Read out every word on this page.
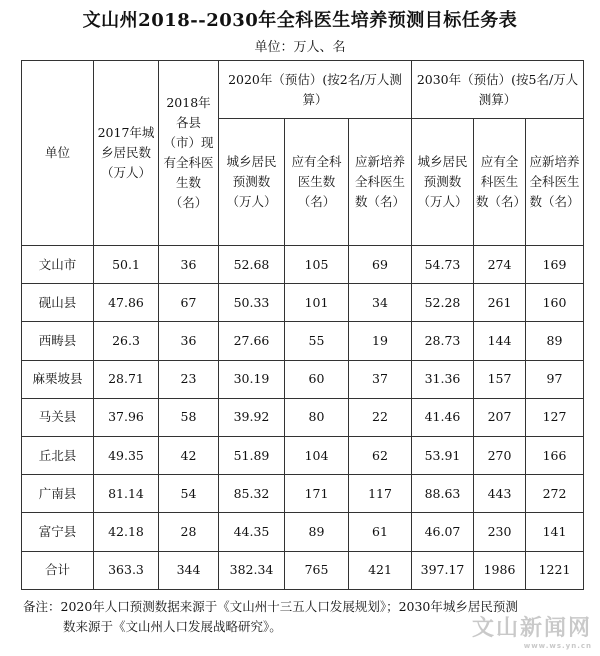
文山州2018--2030年全科医生培养预测目标任务表
单位：万人、名
单位	2017年城乡居民数（万人）	2018年各县（市）现有全科医生数（名）	2020年（预估）(按2名/万人测算）			2030年（预估）(按5名/万人测算）		
			城乡居民预测数（万人）	应有全科医生数（名）	应新培养全科医生数（名）	城乡居民预测数（万人）	应有全科医生数（名）	应新培养全科医生数（名）
文山市	50.1	36	52.68	105	69	54.73	274	169
砚山县	47.86	67	50.33	101	34	52.28	261	160
西畴县	26.3	36	27.66	55	19	28.73	144	89
麻栗坡县	28.71	23	30.19	60	37	31.36	157	97
马关县	37.96	58	39.92	80	22	41.46	207	127
丘北县	49.35	42	51.89	104	62	53.91	270	166
广南县	81.14	54	85.32	171	117	88.63	443	272
富宁县	42.18	28	44.35	89	61	46.07	230	141
合计	363.3	344	382.34	765	421	397.17	1986	1221
备注：2020年人口预测数据来源于《文山州十三五人口发展规划》；2030年城乡居民预测
数来源于《文山州人口发展战略研究》。	文山新闻网
www.ws.yn.cn
